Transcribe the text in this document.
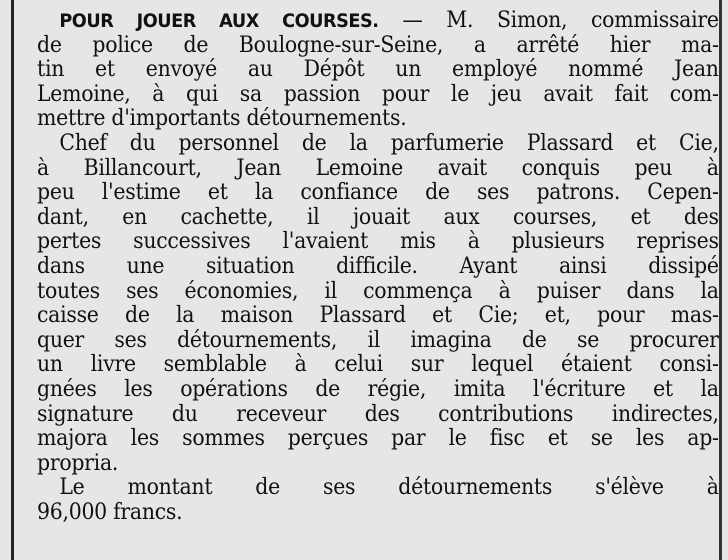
POUR JOUER AUX COURSES. — M. Simon, commissaire
de police de Boulogne-sur-Seine, a arrêté hier ma-
tin et envoyé au Dépôt un employé nommé Jean
Lemoine, à qui sa passion pour le jeu avait fait com-
mettre d'importants détournements.
Chef du personnel de la parfumerie Plassard et Cie,
à Billancourt, Jean Lemoine avait conquis peu à
peu l'estime et la confiance de ses patrons. Cepen-
dant, en cachette, il jouait aux courses, et des
pertes successives l'avaient mis à plusieurs reprises
dans une situation difficile. Ayant ainsi dissipé
toutes ses économies, il commença à puiser dans la
caisse de la maison Plassard et Cie; et, pour mas-
quer ses détournements, il imagina de se procurer
un livre semblable à celui sur lequel étaient consi-
gnées les opérations de régie, imita l'écriture et la
signature du receveur des contributions indirectes,
majora les sommes perçues par le fisc et se les ap-
propria.
Le montant de ses détournements s'élève à
96,000 francs.
